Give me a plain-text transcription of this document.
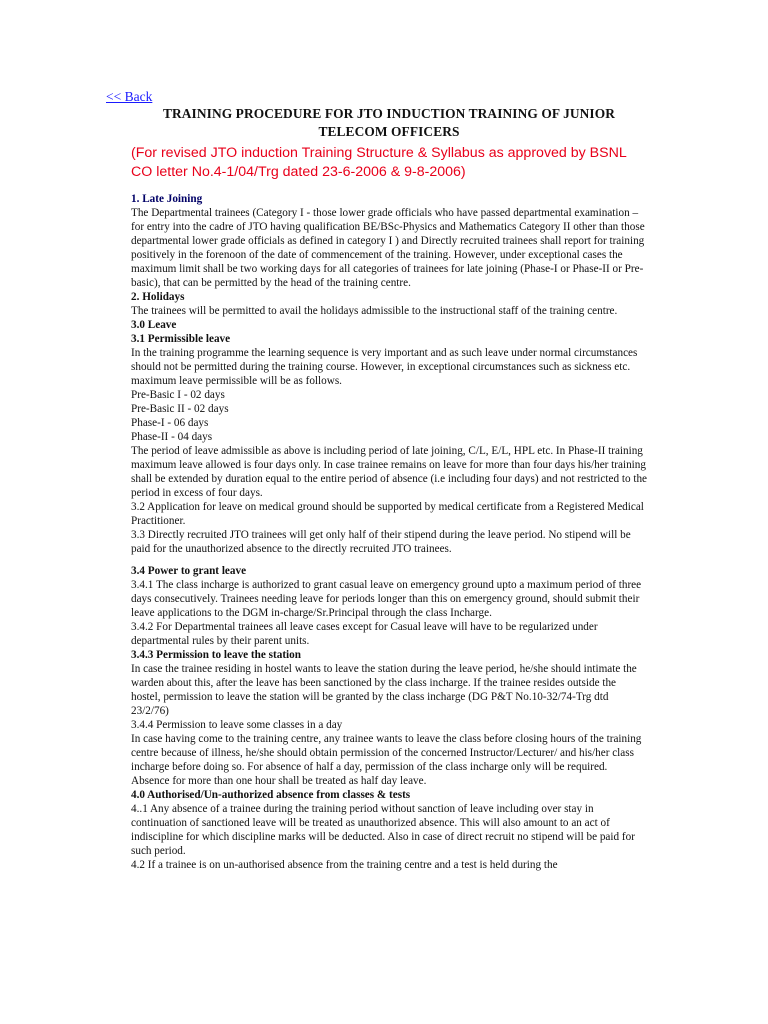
<< Back
TRAINING PROCEDURE FOR JTO INDUCTION TRAINING OF JUNIOR TELECOM OFFICERS
(For revised JTO induction Training Structure & Syllabus as approved by BSNL CO letter No.4-1/04/Trg dated 23-6-2006 & 9-8-2006)
1. Late Joining

The Departmental trainees (Category I - those lower grade officials who have passed departmental examination – for entry into the cadre of JTO having qualification BE/BSc-Physics and Mathematics Category II other than those departmental lower grade officials as defined in category I ) and Directly recruited trainees shall report for training positively in the forenoon of the date of commencement of the training. However, under exceptional cases the maximum limit shall be two working days for all categories of trainees for late joining (Phase-I or Phase-II or Pre-basic), that can be permitted by the head of the training centre.

2. Holidays

The trainees will be permitted to avail the holidays admissible to the instructional staff of the training centre.

3.0 Leave
3.1 Permissible leave

In the training programme the learning sequence is very important and as such leave under normal circumstances should not be permitted during the training course. However, in exceptional circumstances such as sickness etc. maximum leave permissible will be as follows.

Pre-Basic I - 02 days
Pre-Basic II - 02 days
Phase-I - 06 days
Phase-II - 04 days

The period of leave admissible as above is including period of late joining, C/L, E/L, HPL etc. In Phase-II training maximum leave allowed is four days only. In case trainee remains on leave for more than four days his/her training shall be extended by duration equal to the entire period of absence (i.e including four days) and not restricted to the period in excess of four days.

3.2 Application for leave on medical ground should be supported by medical certificate from a Registered Medical Practitioner.

3.3 Directly recruited JTO trainees will get only half of their stipend during the leave period. No stipend will be paid for the unauthorized absence to the directly recruited JTO trainees.

3.4 Power to grant leave

3.4.1 The class incharge is authorized to grant casual leave on emergency ground upto a maximum period of three days consecutively. Trainees needing leave for periods longer than this on emergency ground, should submit their leave applications to the DGM in-charge/Sr.Principal through the class Incharge.

3.4.2 For Departmental trainees all leave cases except for Casual leave will have to be regularized under departmental rules by their parent units.

3.4.3 Permission to leave the station

In case the trainee residing in hostel wants to leave the station during the leave period, he/she should intimate the warden about this, after the leave has been sanctioned by the class incharge. If the trainee resides outside the hostel, permission to leave the station will be granted by the class incharge (DG P&T No.10-32/74-Trg dtd 23/2/76)

3.4.4 Permission to leave some classes in a day

In case having come to the training centre, any trainee wants to leave the class before closing hours of the training centre because of illness, he/she should obtain permission of the concerned Instructor/Lecturer/ and his/her class incharge before doing so. For absence of half a day, permission of the class incharge only will be required. Absence for more than one hour shall be treated as half day leave.

4.0 Authorised/Un-authorized absence from classes & tests

4..1 Any absence of a trainee during the training period without sanction of leave including over stay in continuation of sanctioned leave will be treated as unauthorized absence. This will also amount to an act of indiscipline for which discipline marks will be deducted. Also in case of direct recruit no stipend will be paid for such period.

4.2 If a trainee is on un-authorised absence from the training centre and a test is held during the
